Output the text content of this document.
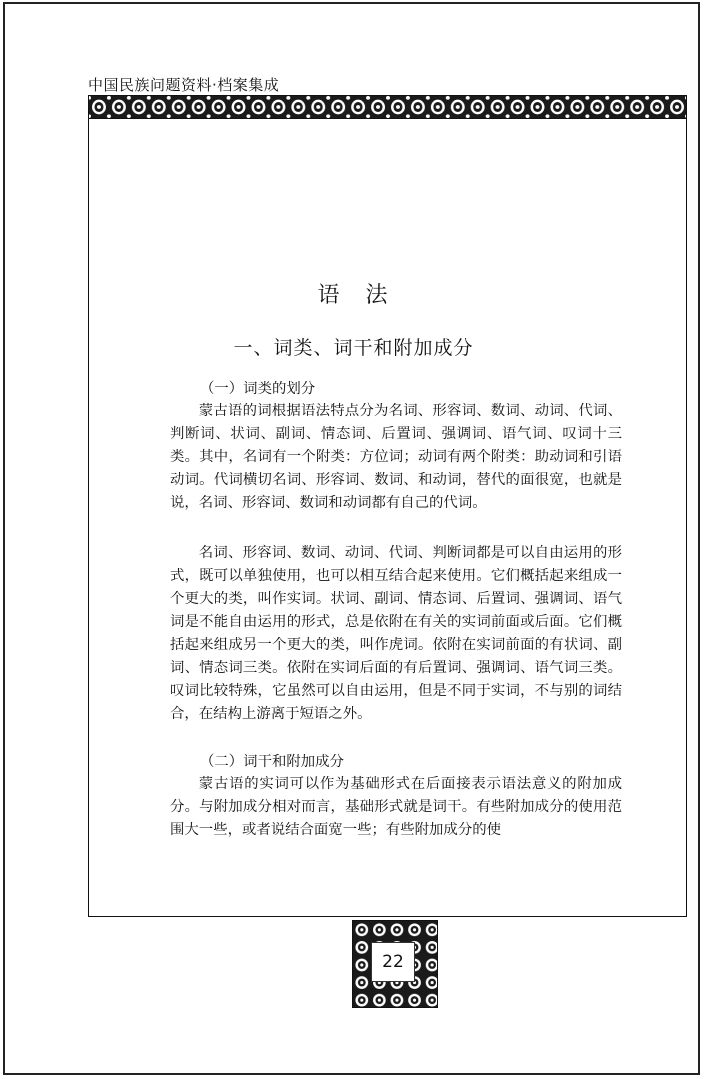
中国民族问题资料·档案集成
语　法
一、词类、词干和附加成分
（一）词类的划分
蒙古语的词根据语法特点分为名词、形容词、数词、动词、代词、判断词、状词、副词、情态词、后置词、强调词、语气词、叹词十三类。其中，名词有一个附类：方位词；动词有两个附类：助动词和引语动词。代词横切名词、形容词、数词、和动词，替代的面很宽，也就是说，名词、形容词、数词和动词都有自己的代词。
名词、形容词、数词、动词、代词、判断词都是可以自由运用的形式，既可以单独使用，也可以相互结合起来使用。它们概括起来组成一个更大的类，叫作实词。状词、副词、情态词、后置词、强调词、语气词是不能自由运用的形式，总是依附在有关的实词前面或后面。它们概括起来组成另一个更大的类，叫作虎词。依附在实词前面的有状词、副词、情态词三类。依附在实词后面的有后置词、强调词、语气词三类。叹词比较特殊，它虽然可以自由运用，但是不同于实词，不与别的词结合，在结构上游离于短语之外。
（二）词干和附加成分
蒙古语的实词可以作为基础形式在后面接表示语法意义的附加成分。与附加成分相对而言，基础形式就是词干。有些附加成分的使用范围大一些，或者说结合面宽一些；有些附加成分的使
22
